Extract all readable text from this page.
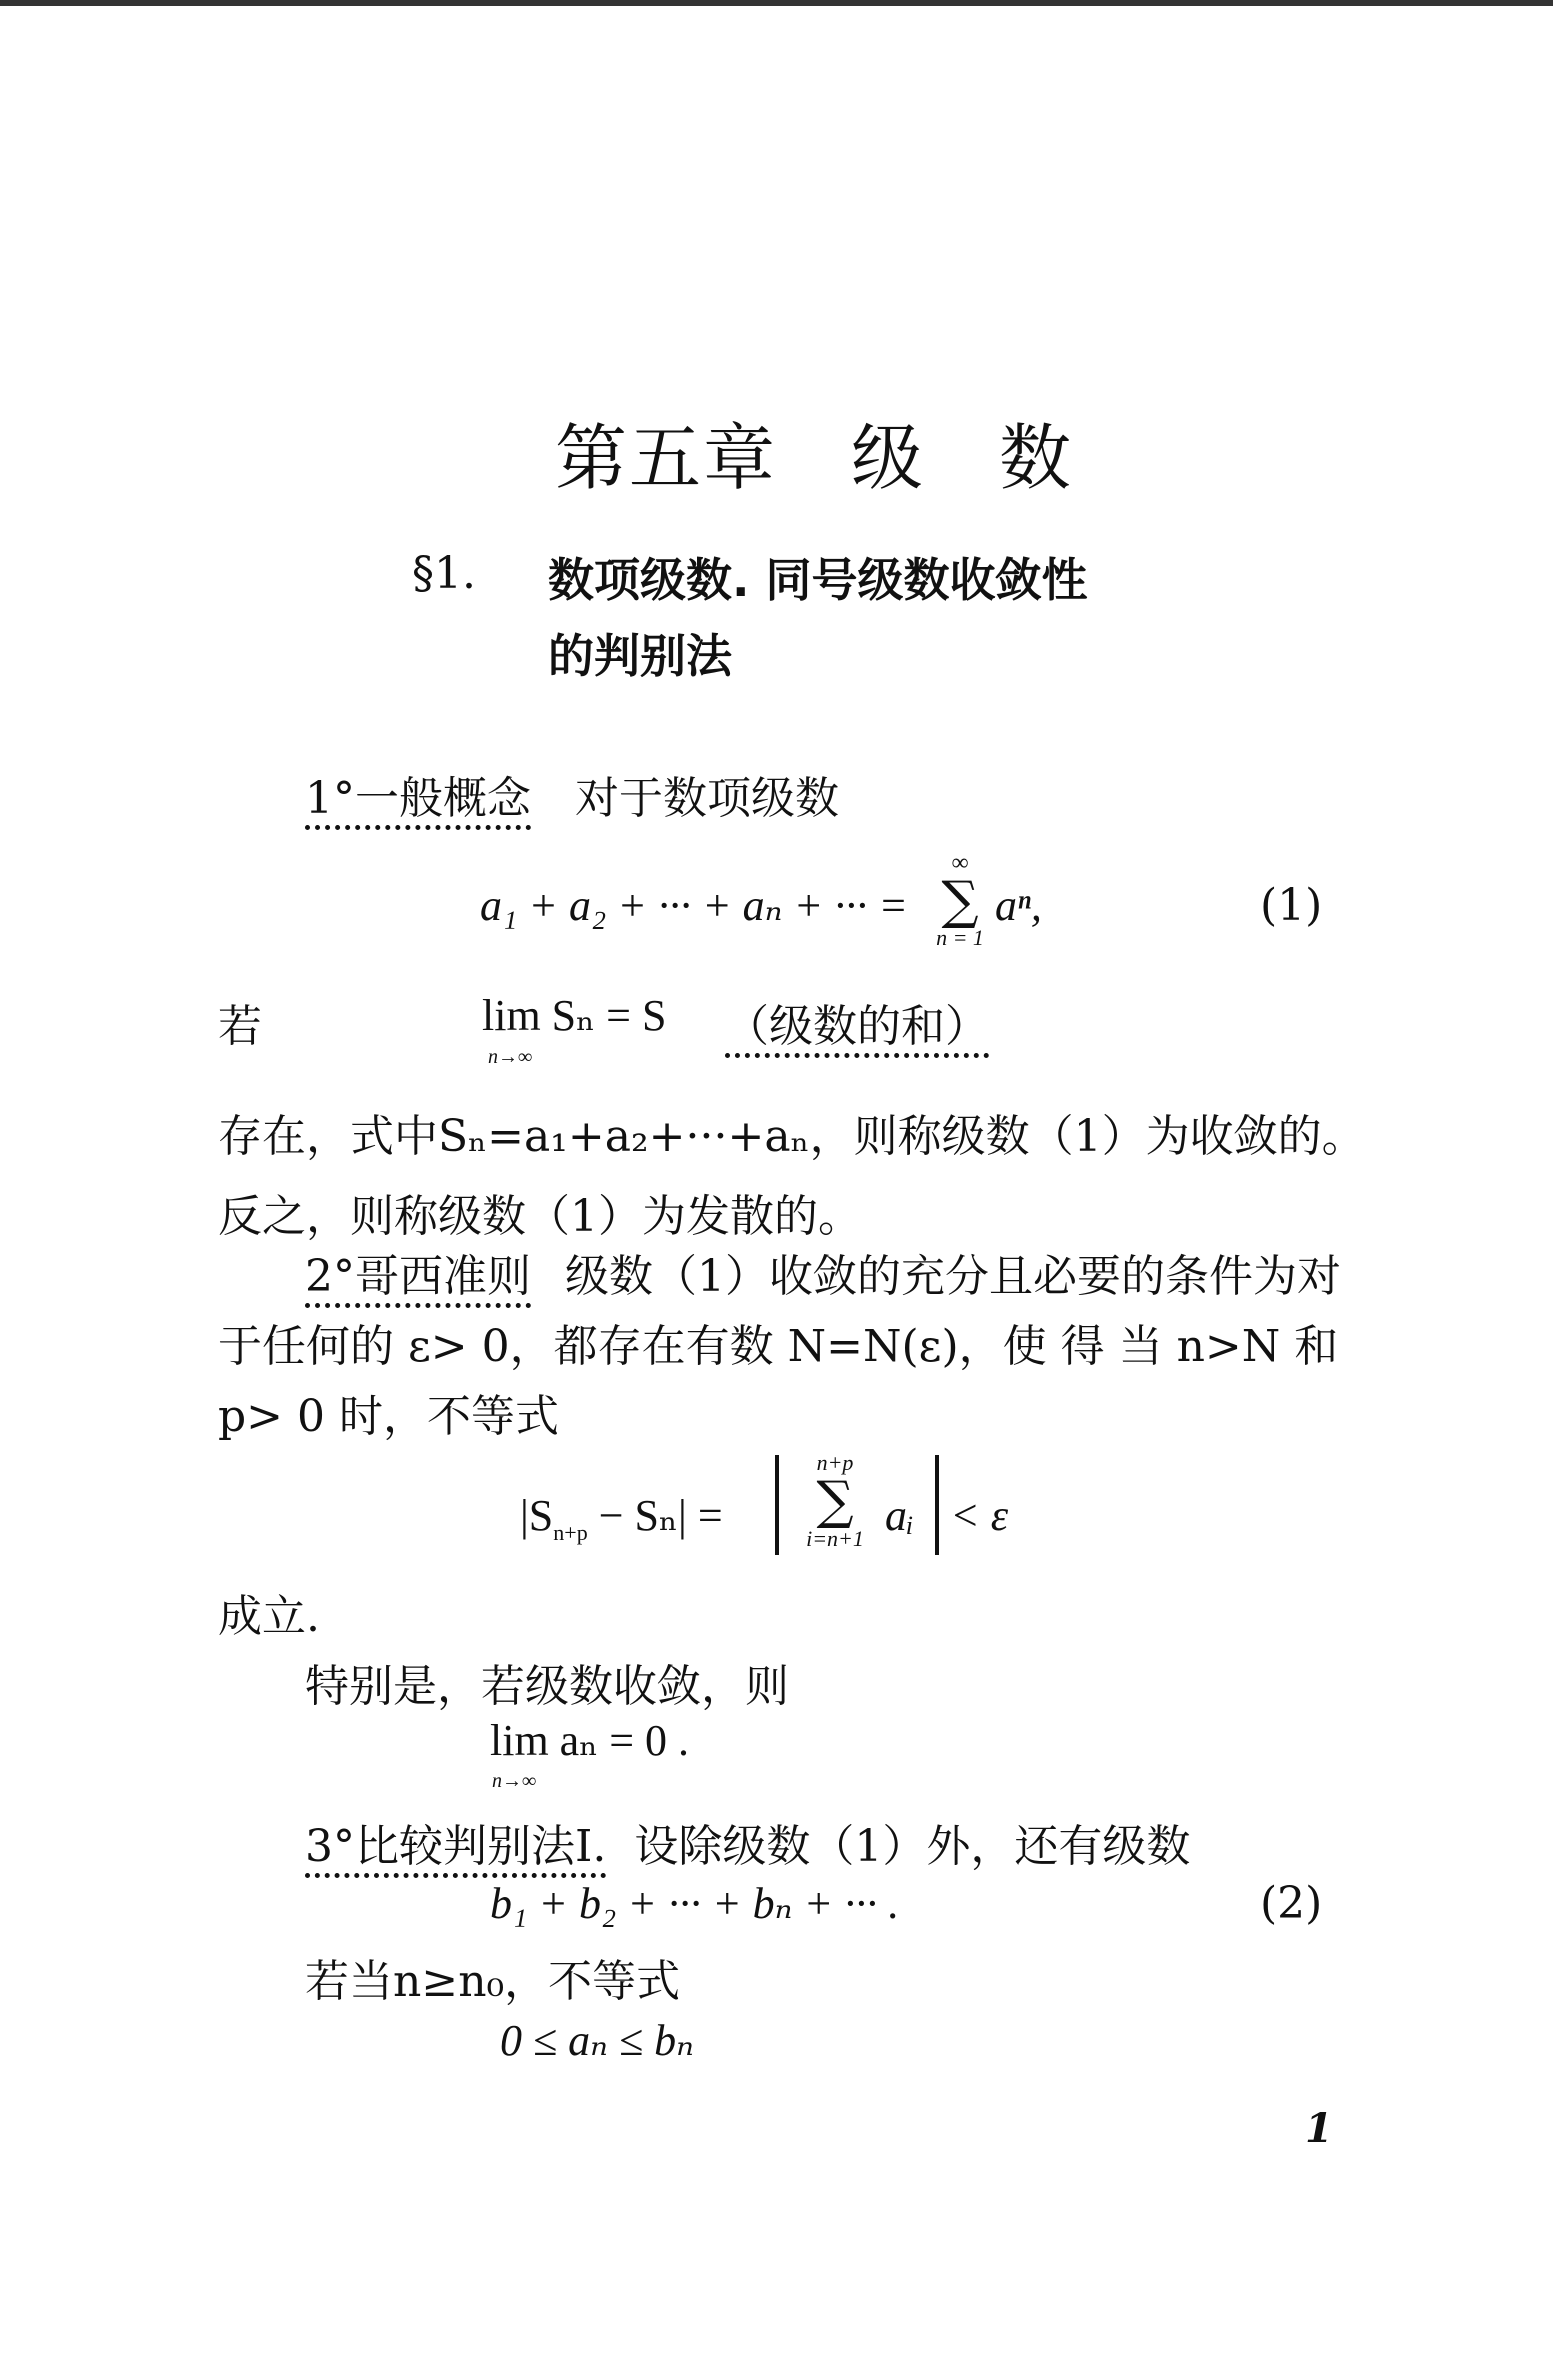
第五章　级　数
§1. 数项级数. 同号级数收敛性
的判别法
1°一般概念 对于数项级数
a₁ + a₂ + ··· + aₙ + ··· =
∞
∑
n = 1
aⁿ,	(1)
若	lim Sₙ = S
n→∞
（级数的和）
存在，式中Sₙ=a₁+a₂+···+aₙ，则称级数（1）为收敛的。
反之，则称级数（1）为发散的。
2°哥西准则 级数（1）收敛的充分且必要的条件为对
于任何的 ε> 0，都存在有数 N=N(ε)，使 得 当 n>N 和
p> 0 时，不等式
$|S_{n+p} - S_n|$ =
n+p
∑
i=n+1 aᵢ < ε
成立.
特别是，若级数收敛，则
lim aₙ = 0 .
n→∞
3°比较判别法Ⅰ. 设除级数（1）外，还有级数
b₁ + b₂ + ··· + bₙ + ··· .	(2)
若当n≥n₀，不等式
0 ≤ aₙ ≤ bₙ
1
